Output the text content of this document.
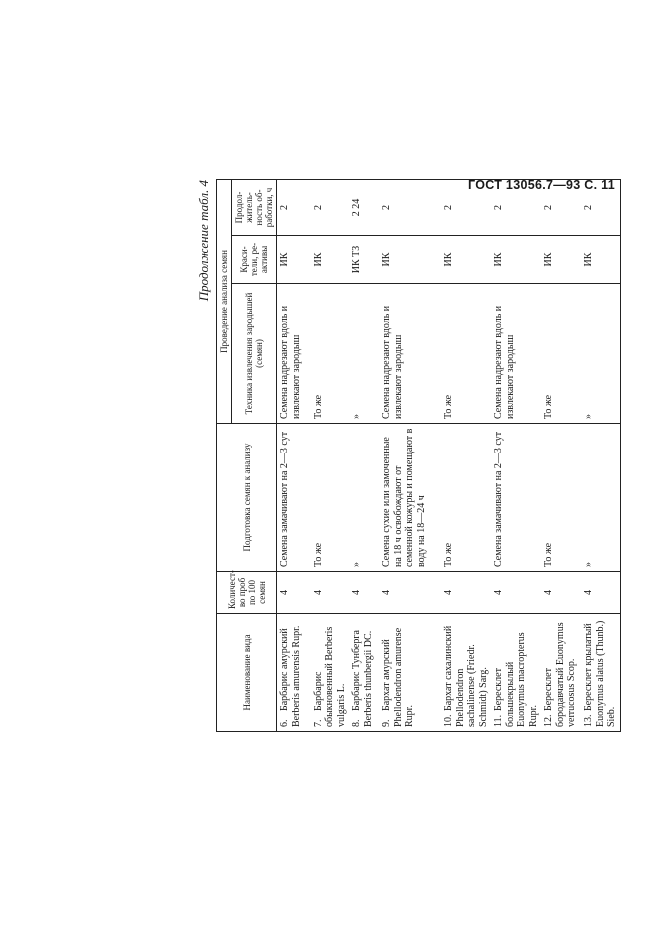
ГОСТ 13056.7—93 С. 11
Продолжение табл. 4
Наименование вида	Количест-во проб по 100 семян	Подготовка семян к анализу	Проведение анализа семян		
			Техника извлечения зародышей (семян)	Краси-тели, ре-активы	Продол-житель-ность об-работки, ч
6.Барбарис амурский Berberis amurensis Rupr.	4	Семена замачивают на 2—3 сут	Семена надрезают вдоль и извлекают зародыш	ИК	2
7.Барбарис обыкновенный Berberis vulgaris L.	4	То же	То же	ИК	2
8.Барбарис Тунберга Berberis thunbergii DC.	4	»	»	ИК ТЗ	2 24
9.Бархат амурский Phellodendron amurense Rupr.	4	Семена сухие или замоченные на 18 ч освобождают от семенной кожуры и помещают в воду на 18—24 ч	Семена надрезают вдоль и извлекают зародыш	ИК	2
10.Бархат сахалинский Phellodendron sachalinense (Friedr. Schmidt) Sarg.	4	То же	То же	ИК	2
11.Бересклет большекрылый Euonymus macropterus Rupr.	4	Семена замачивают на 2—3 сут	Семена надрезают вдоль и извлекают зародыш	ИК	2
12.Бересклет бородавчатый Euonymus verrucosus Scop.	4	То же	То же	ИК	2
13.Бересклет крылатый Euonymus alatus (Thunb.) Sieb.	4	»	»	ИК	2
